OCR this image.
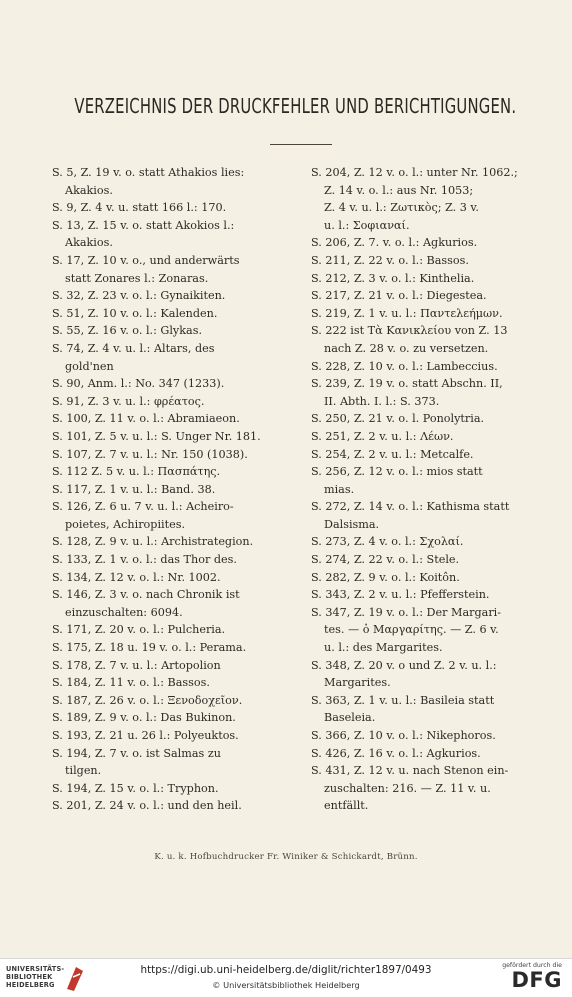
VERZEICHNIS DER DRUCKFEHLER UND BERICHTIGUNGEN.
S. 5, Z. 19 v. o. statt Athakios lies:
Akakios.
S. 9, Z. 4 v. u. statt 166 l.: 170.
S. 13, Z. 15 v. o. statt Akokios l.:
Akakios.
S. 17, Z. 10 v. o., und anderwärts
statt Zonares l.: Zonaras.
S. 32, Z. 23 v. o. l.: Gynaikiten.
S. 51, Z. 10 v. o. l.: Kalenden.
S. 55, Z. 16 v. o. l.: Glykas.
S. 74, Z. 4 v. u. l.: Altars, des
gold'nen
S. 90, Anm. l.: No. 347 (1233).
S. 91, Z. 3 v. u. l.: φρέατος.
S. 100, Z. 11 v. o. l.: Abramiaeon.
S. 101, Z. 5 v. u. l.: S. Unger Nr. 181.
S. 107, Z. 7 v. u. l.: Nr. 150 (1038).
S. 112 Z. 5 v. u. l.: Πασπάτης.
S. 117, Z. 1 v. u. l.: Band. 38.
S. 126, Z. 6 u. 7 v. u. l.: Acheiro-
poietes, Achiropiites.
S. 128, Z. 9 v. u. l.: Archistrategion.
S. 133, Z. 1 v. o. l.: das Thor des.
S. 134, Z. 12 v. o. l.: Nr. 1002.
S. 146, Z. 3 v. o. nach Chronik ist
einzuschalten: 6094.
S. 171, Z. 20 v. o. l.: Pulcheria.
S. 175, Z. 18 u. 19 v. o. l.: Perama.
S. 178, Z. 7 v. u. l.: Artopolion
S. 184, Z. 11 v. o. l.: Bassos.
S. 187, Z. 26 v. o. l.: Ξενοδοχεῖον.
S. 189, Z. 9 v. o. l.: Das Bukinon.
S. 193, Z. 21 u. 26 l.: Polyeuktos.
S. 194, Z. 7 v. o. ist Salmas zu
tilgen.
S. 194, Z. 15 v. o. l.: Tryphon.
S. 201, Z. 24 v. o. l.: und den heil.
S. 204, Z. 12 v. o. l.: unter Nr. 1062.;
Z. 14 v. o. l.: aus Nr. 1053;
Z. 4 v. u. l.: Ζωτικὸς; Z. 3 v.
u. l.: Σοφιαναί.
S. 206, Z. 7. v. o. l.: Agkurios.
S. 211, Z. 22 v. o. l.: Bassos.
S. 212, Z. 3 v. o. l.: Kinthelia.
S. 217, Z. 21 v. o. l.: Diegestea.
S. 219, Z. 1 v. u. l.: Παντελεήμων.
S. 222 ist Τὰ Κανικλείου von Z. 13
nach Z. 28 v. o. zu versetzen.
S. 228, Z. 10 v. o. l.: Lambeccius.
S. 239, Z. 19 v. o. statt Abschn. II,
II. Abth. I. l.: S. 373.
S. 250, Z. 21 v. o. l. Ponolytria.
S. 251, Z. 2 v. u. l.: Λέων.
S. 254, Z. 2 v. u. l.: Metcalfe.
S. 256, Z. 12 v. o. l.: mios statt
mias.
S. 272, Z. 14 v. o. l.: Kathisma statt
Dalsisma.
S. 273, Z. 4 v. o. l.: Σχολαί.
S. 274, Z. 22 v. o. l.: Stele.
S. 282, Z. 9 v. o. l.: Koitôn.
S. 343, Z. 2 v. u. l.: Pfefferstein.
S. 347, Z. 19 v. o. l.: Der Margari-
tes. — ὁ Μαργαρίτης. — Z. 6 v.
u. l.: des Margarites.
S. 348, Z. 20 v. o und Z. 2 v. u. l.:
Margarites.
S. 363, Z. 1 v. u. l.: Basileia statt
Baseleia.
S. 366, Z. 10 v. o. l.: Nikephoros.
S. 426, Z. 16 v. o. l.: Agkurios.
S. 431, Z. 12 v. u. nach Stenon ein-
zuschalten: 216. — Z. 11 v. u.
entfällt.
K. u. k. Hofbuchdrucker Fr. Winiker & Schickardt, Brünn.
UNIVERSITÄTS-
BIBLIOTHEK
HEIDELBERG
https://digi.ub.uni-heidelberg.de/diglit/richter1897/0493
© Universitätsbibliothek Heidelberg
gefördert durch die
DFG
